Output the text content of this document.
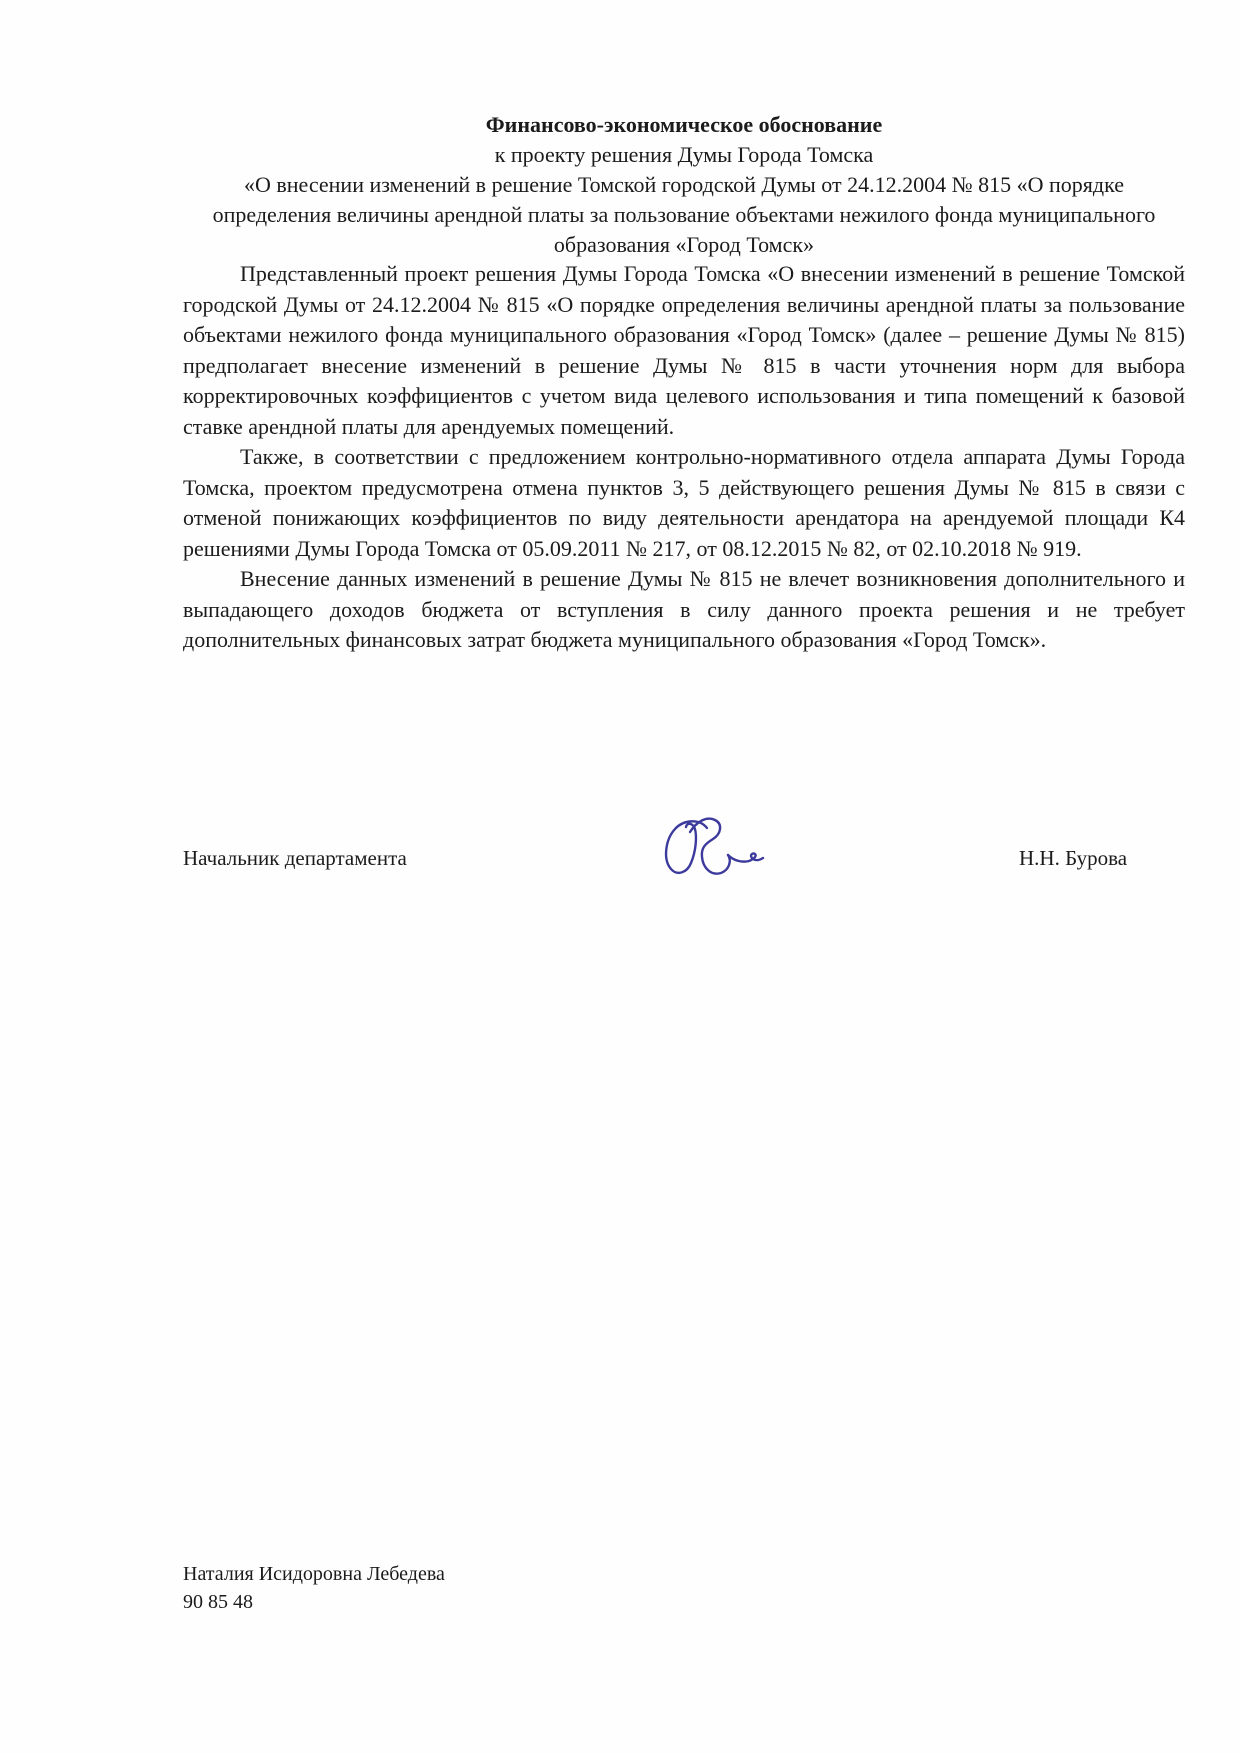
Финансово-экономическое обоснование
к проекту решения Думы Города Томска
«О внесении изменений в решение Томской городской Думы от 24.12.2004 № 815 «О порядке определения величины арендной платы за пользование объектами нежилого фонда муниципального образования «Город Томск»

Представленный проект решения Думы Города Томска «О внесении изменений в решение Томской городской Думы от 24.12.2004 № 815 «О порядке определения величины арендной платы за пользование объектами нежилого фонда муниципального образования «Город Томск» (далее – решение Думы № 815) предполагает внесение изменений в решение Думы № 815 в части уточнения норм для выбора корректировочных коэффициентов с учетом вида целевого использования и типа помещений к базовой ставке арендной платы для арендуемых помещений.

Также, в соответствии с предложением контрольно-нормативного отдела аппарата Думы Города Томска, проектом предусмотрена отмена пунктов 3, 5 действующего решения Думы № 815 в связи с отменой понижающих коэффициентов по виду деятельности арендатора на арендуемой площади К4 решениями Думы Города Томска от 05.09.2011 № 217, от 08.12.2015 № 82, от 02.10.2018 № 919.

Внесение данных изменений в решение Думы № 815 не влечет возникновения дополнительного и выпадающего доходов бюджета от вступления в силу данного проекта решения и не требует дополнительных финансовых затрат бюджета муниципального образования «Город Томск».

Начальник департамента	Н.Н. Бурова
Наталия Исидоровна Лебедева
90 85 48
